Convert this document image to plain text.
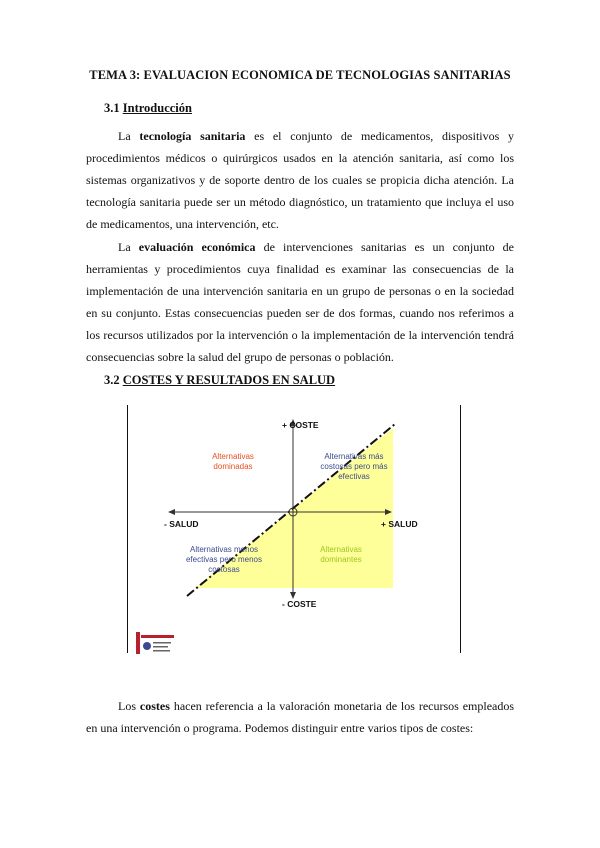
TEMA 3: EVALUACION ECONOMICA DE TECNOLOGIAS SANITARIAS
3.1 Introducción
La tecnología sanitaria es el conjunto de medicamentos, dispositivos y procedimientos médicos o quirúrgicos usados en la atención sanitaria, así como los sistemas organizativos y de soporte dentro de los cuales se propicia dicha atención. La tecnología sanitaria puede ser un método diagnóstico, un tratamiento que incluya el uso de medicamentos, una intervención, etc.
La evaluación económica de intervenciones sanitarias es un conjunto de herramientas y procedimientos cuya finalidad es examinar las consecuencias de la implementación de una intervención sanitaria en un grupo de personas o en la sociedad en su conjunto. Estas consecuencias pueden ser de dos formas, cuando nos referimos a los recursos utilizados por la intervención o la implementación de la intervención tendrá consecuencias sobre la salud del grupo de personas o población.
3.2 COSTES Y RESULTADOS EN SALUD
+ COSTE
- COSTE
- SALUD	+ SALUD
Alternativas
dominadas
Alternativas más
costosas pero más
efectivas
Alternativas menos
efectivas pero menos
costosas
Alternativas
dominantes
Los costes hacen referencia a la valoración monetaria de los recursos empleados en una intervención o programa. Podemos distinguir entre varios tipos de costes:
